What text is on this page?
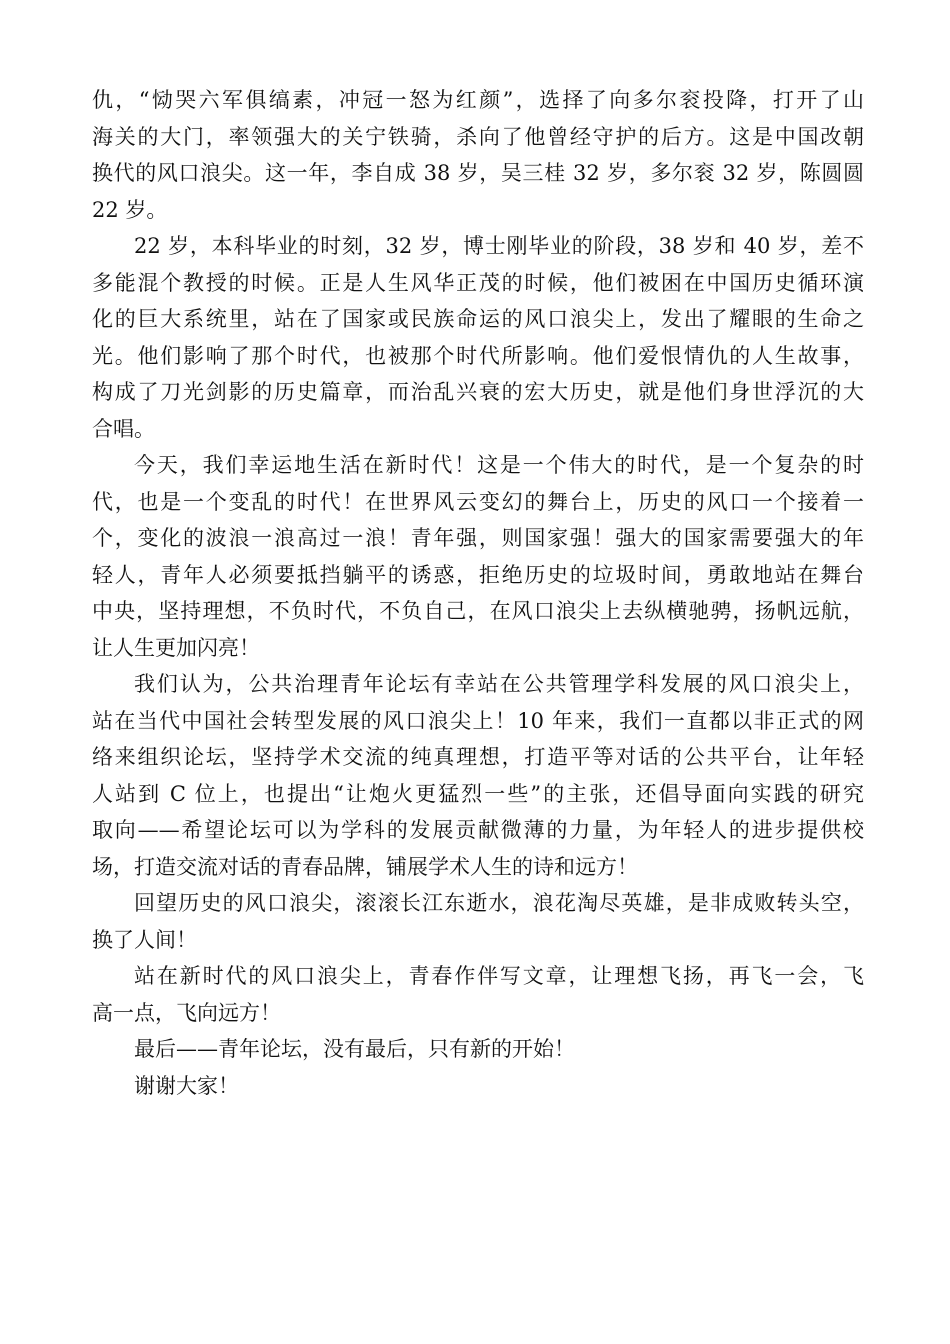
仇，“恸哭六军俱缟素，冲冠一怒为红颜”，选择了向多尔衮投降，打开了山
海关的大门，率领强大的关宁铁骑，杀向了他曾经守护的后方。这是中国改朝
换代的风口浪尖。这一年，李自成 38 岁，吴三桂 32 岁，多尔衮 32 岁，陈圆圆
22 岁。

22 岁，本科毕业的时刻，32 岁，博士刚毕业的阶段，38 岁和 40 岁，差不
多能混个教授的时候。正是人生风华正茂的时候，他们被困在中国历史循环演
化的巨大系统里，站在了国家或民族命运的风口浪尖上，发出了耀眼的生命之
光。他们影响了那个时代，也被那个时代所影响。他们爱恨情仇的人生故事，
构成了刀光剑影的历史篇章，而治乱兴衰的宏大历史，就是他们身世浮沉的大
合唱。

今天，我们幸运地生活在新时代！这是一个伟大的时代，是一个复杂的时
代，也是一个变乱的时代！在世界风云变幻的舞台上，历史的风口一个接着一
个，变化的波浪一浪高过一浪！青年强，则国家强！强大的国家需要强大的年
轻人，青年人必须要抵挡躺平的诱惑，拒绝历史的垃圾时间，勇敢地站在舞台
中央，坚持理想，不负时代，不负自己，在风口浪尖上去纵横驰骋，扬帆远航，
让人生更加闪亮！

我们认为，公共治理青年论坛有幸站在公共管理学科发展的风口浪尖上，
站在当代中国社会转型发展的风口浪尖上！10 年来，我们一直都以非正式的网
络来组织论坛，坚持学术交流的纯真理想，打造平等对话的公共平台，让年轻
人站到 C 位上，也提出“让炮火更猛烈一些”的主张，还倡导面向实践的研究
取向——希望论坛可以为学科的发展贡献微薄的力量，为年轻人的进步提供校
场，打造交流对话的青春品牌，铺展学术人生的诗和远方！

回望历史的风口浪尖，滚滚长江东逝水，浪花淘尽英雄，是非成败转头空，
换了人间！

站在新时代的风口浪尖上，青春作伴写文章，让理想飞扬，再飞一会，飞
高一点，飞向远方！

最后——青年论坛，没有最后，只有新的开始！

谢谢大家！
